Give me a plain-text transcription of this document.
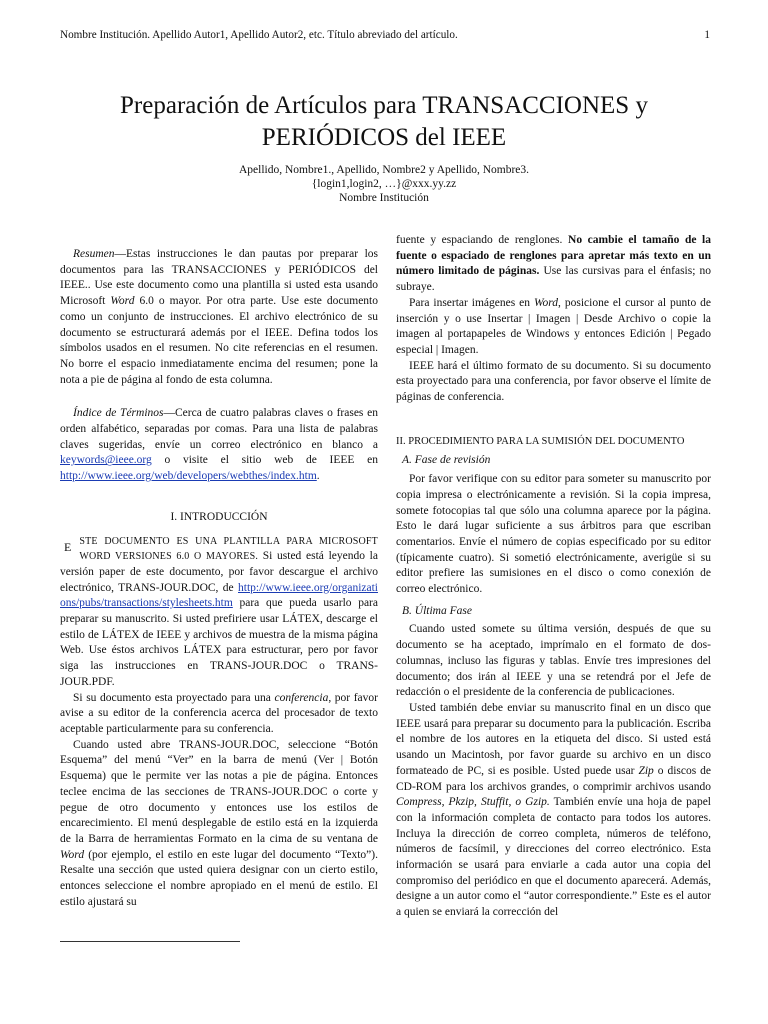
Nombre Institución. Apellido Autor1, Apellido Autor2, etc. Título abreviado del artículo.	1
Preparación de Artículos para TRANSACCIONES y
PERIÓDICOS del IEEE
Apellido, Nombre1., Apellido, Nombre2 y Apellido, Nombre3.
{login1,login2, …}@xxx.yy.zz
Nombre Institución

Resumen—Estas instrucciones le dan pautas por preparar los documentos para las TRANSACCIONES y PERIÓDICOS del IEEE.. Use este documento como una plantilla si usted esta usando Microsoft Word 6.0 o mayor. Por otra parte. Use este documento como un conjunto de instrucciones. El archivo electrónico de su documento se estructurará además por el IEEE. Defina todos los símbolos usados en el resumen. No cite referencias en el resumen. No borre el espacio inmediatamente encima del resumen; pone la nota a pie de página al fondo de esta columna.

Índice de Términos—Cerca de cuatro palabras claves o frases en orden alfabético, separadas por comas. Para una lista de palabras claves sugeridas, envíe un correo electrónico en blanco a keywords@ieee.org o visite el sitio web de IEEE en http://www.ieee.org/web/developers/webthes/index.htm.

I. INTRODUCCIÓN

E STE DOCUMENTO ES UNA PLANTILLA PARA MICROSOFT WORD VERSIONES 6.0 O MAYORES. Si usted está leyendo la versión paper de este documento, por favor descargue el archivo electrónico, TRANS-JOUR.DOC, de http://www.ieee.org/organizations/pubs/transactions/stylesheets.htm para que pueda usarlo para preparar su manuscrito. Si usted prefiriere usar LÁTEX, descarge el estilo de LÁTEX de IEEE y archivos de muestra de la misma página Web. Use éstos archivos LÁTEX para estructurar, pero por favor siga las instrucciones en TRANS-JOUR.DOC o TRANS-JOUR.PDF.

Si su documento esta proyectado para una conferencia, por favor avise a su editor de la conferencia acerca del procesador de texto aceptable particularmente para su conferencia.

Cuando usted abre TRANS-JOUR.DOC, seleccione “Botón Esquema” del menú “Ver” en la barra de menú (Ver | Botón Esquema) que le permite ver las notas a pie de página. Entonces teclee encima de las secciones de TRANS-JOUR.DOC o corte y pegue de otro documento y entonces use los estilos de encarecimiento. El menú desplegable de estilo está en la izquierda de la Barra de herramientas Formato en la cima de su ventana de Word (por ejemplo, el estilo en este lugar del documento “Texto”). Resalte una sección que usted quiera designar con un cierto estilo, entonces seleccione el nombre apropiado en el menú de estilo. El estilo ajustará su

fuente y espaciando de renglones. No cambie el tamaño de la fuente o espaciado de renglones para apretar más texto en un número limitado de páginas. Use las cursivas para el énfasis; no subraye.

Para insertar imágenes en Word, posicione el cursor al punto de inserción y o use Insertar | Imagen | Desde Archivo o copie la imagen al portapapeles de Windows y entonces Edición | Pegado especial | Imagen.

IEEE hará el último formato de su documento. Si su documento esta proyectado para una conferencia, por favor observe el límite de páginas de conferencia.

II. PROCEDIMIENTO PARA LA SUMISIÓN DEL DOCUMENTO

A. Fase de revisión

Por favor verifique con su editor para someter su manuscrito por copia impresa o electrónicamente a revisión. Si la copia impresa, somete fotocopias tal que sólo una columna aparece por la página. Esto le dará lugar suficiente a sus árbitros para que escriban comentarios. Envíe el número de copias especificado por su editor (típicamente cuatro). Si sometió electrónicamente, averigüe si su editor prefiere las sumisiones en el disco o como conexión de correo electrónico.

B. Última Fase

Cuando usted somete su última versión, después de que su documento se ha aceptado, imprímalo en el formato de dos-columnas, incluso las figuras y tablas. Envíe tres impresiones del documento; dos irán al IEEE y una se retendrá por el Jefe de redacción o el presidente de la conferencia de publicaciones.

Usted también debe enviar su manuscrito final en un disco que IEEE usará para preparar su documento para la publicación. Escriba el nombre de los autores en la etiqueta del disco. Si usted está usando un Macintosh, por favor guarde su archivo en un disco formateado de PC, si es posible. Usted puede usar Zip o discos de CD-ROM para los archivos grandes, o comprimir archivos usando Compress, Pkzip, Stuffit, o Gzip. También envíe una hoja de papel con la información completa de contacto para todos los autores. Incluya la dirección de correo completa, números de teléfono, números de facsímil, y direcciones del correo electrónico. Esta información se usará para enviarle a cada autor una copia del compromiso del periódico en que el documento aparecerá. Además, designe a un autor como el “autor correspondiente.” Este es el autor a quien se enviará la corrección del
